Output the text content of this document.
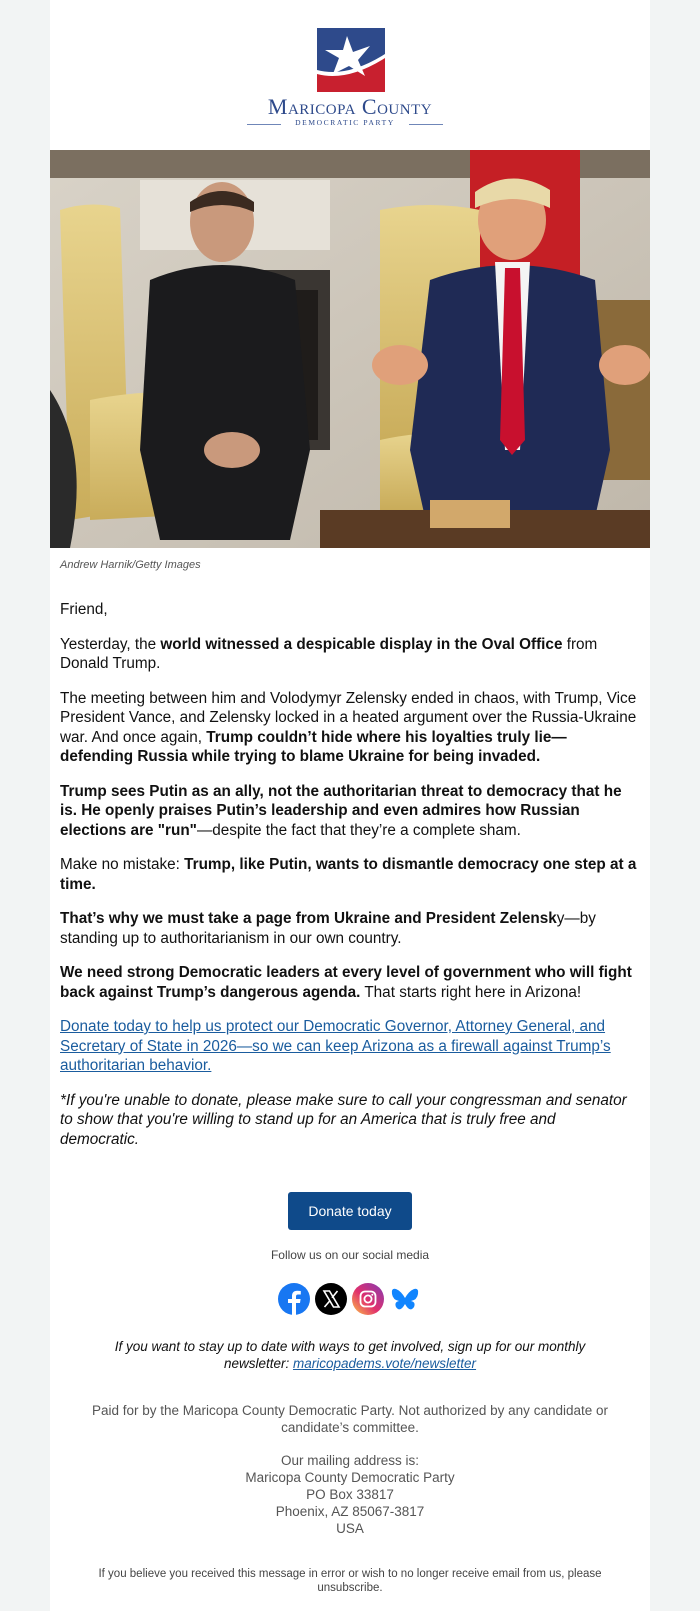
Maricopa County
DEMOCRATIC PARTY
Andrew Harnik/Getty Images

Friend,

Yesterday, the world witnessed a despicable display in the Oval Office from Donald Trump.

The meeting between him and Volodymyr Zelensky ended in chaos, with Trump, Vice President Vance, and Zelensky locked in a heated argument over the Russia-Ukraine war. And once again, Trump couldn’t hide where his loyalties truly lie—defending Russia while trying to blame Ukraine for being invaded.

Trump sees Putin as an ally, not the authoritarian threat to democracy that he is. He openly praises Putin’s leadership and even admires how Russian elections are "run"—despite the fact that they’re a complete sham.

Make no mistake: Trump, like Putin, wants to dismantle democracy one step at a time.

That’s why we must take a page from Ukraine and President Zelensky—by standing up to authoritarianism in our own country.

We need strong Democratic leaders at every level of government who will fight back against Trump’s dangerous agenda. That starts right here in Arizona!

Donate today to help us protect our Democratic Governor, Attorney General, and Secretary of State in 2026—so we can keep Arizona as a firewall against Trump’s authoritarian behavior.

*If you're unable to donate, please make sure to call your congressman and senator to show that you're willing to stand up for an America that is truly free and democratic.

Donate today
Follow us on our social media
If you want to stay up to date with ways to get involved, sign up for our monthly newsletter: maricopadems.vote/newsletter
Paid for by the Maricopa County Democratic Party. Not authorized by any candidate or candidate’s committee.
Our mailing address is:
Maricopa County Democratic Party
PO Box 33817
Phoenix, AZ 85067-3817
USA
If you believe you received this message in error or wish to no longer receive email from us, please unsubscribe.
